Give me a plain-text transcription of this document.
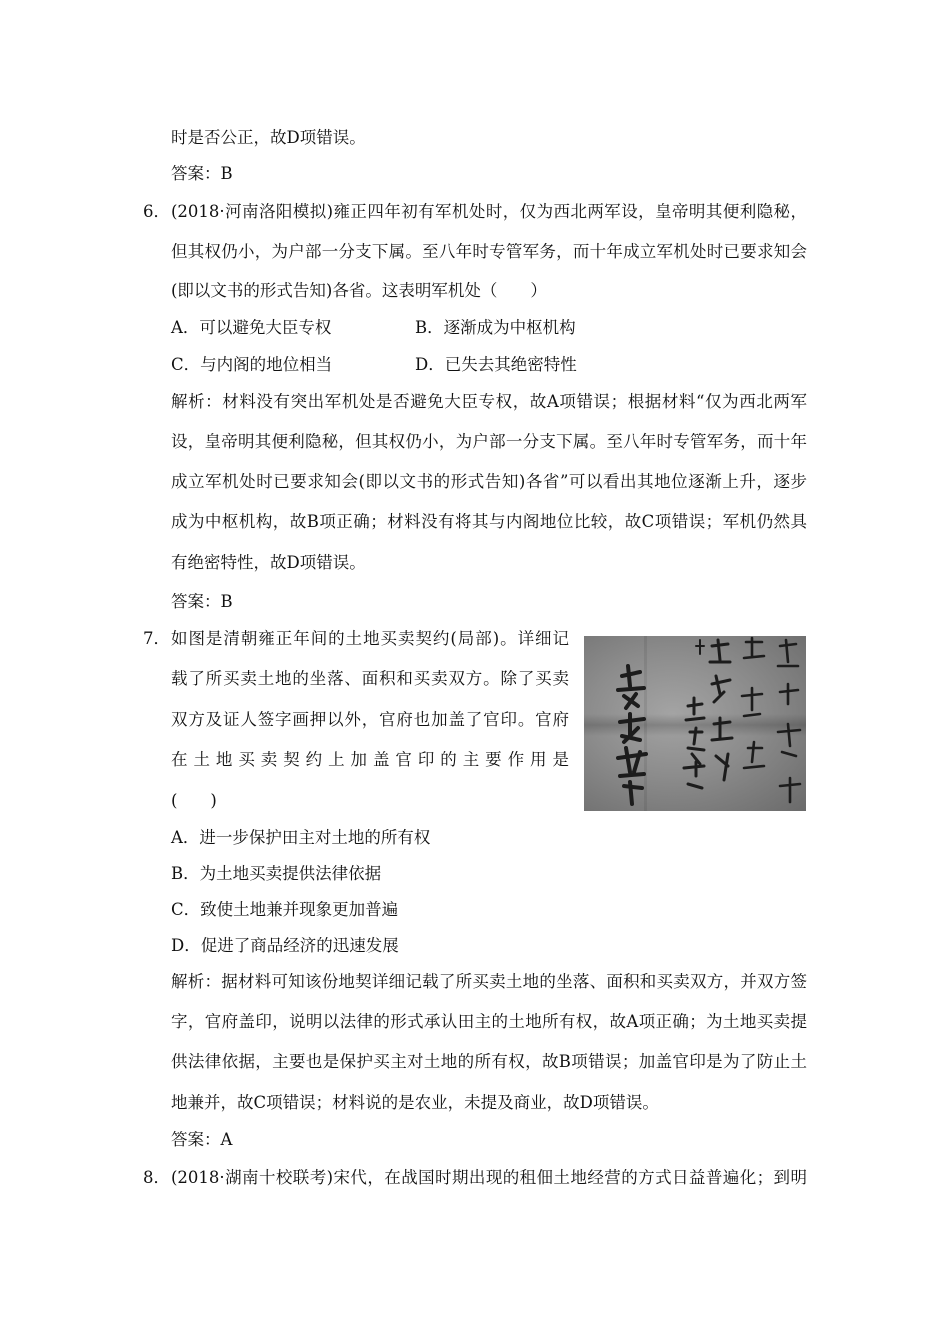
时是否公正，故D项错误。
答案：B
6． (2018·河南洛阳模拟)雍正四年初有军机处时，仅为西北两军设，皇帝明其便利隐秘，
但其权仍小，为户部一分支下属。至八年时专管军务，而十年成立军机处时已要求知会
(即以文书的形式告知)各省。这表明军机处（　　）
A．可以避免大臣专权	B．逐渐成为中枢机构
C．与内阁的地位相当	D．已失去其绝密特性
解析：材料没有突出军机处是否避免大臣专权，故A项错误；根据材料“仅为西北两军
设，皇帝明其便利隐秘，但其权仍小，为户部一分支下属。至八年时专管军务，而十年
成立军机处时已要求知会(即以文书的形式告知)各省”可以看出其地位逐渐上升，逐步
成为中枢机构，故B项正确；材料没有将其与内阁地位比较，故C项错误；军机仍然具
有绝密特性，故D项错误。
答案：B
7． 如图是清朝雍正年间的土地买卖契约(局部)。详细记
载了所买卖土地的坐落、面积和买卖双方。除了买卖
双方及证人签字画押以外，官府也加盖了官印。官府
在土地买卖契约上加盖官印的主要作用是
(　　)
A．进一步保护田主对土地的所有权
B．为土地买卖提供法律依据
C．致使土地兼并现象更加普遍
D．促进了商品经济的迅速发展
解析：据材料可知该份地契详细记载了所买卖土地的坐落、面积和买卖双方，并双方签
字，官府盖印，说明以法律的形式承认田主的土地所有权，故A项正确；为土地买卖提
供法律依据，主要也是保护买主对土地的所有权，故B项错误；加盖官印是为了防止土
地兼并，故C项错误；材料说的是农业，未提及商业，故D项错误。
答案：A
8． (2018·湖南十校联考)宋代，在战国时期出现的租佃土地经营的方式日益普遍化；到明
